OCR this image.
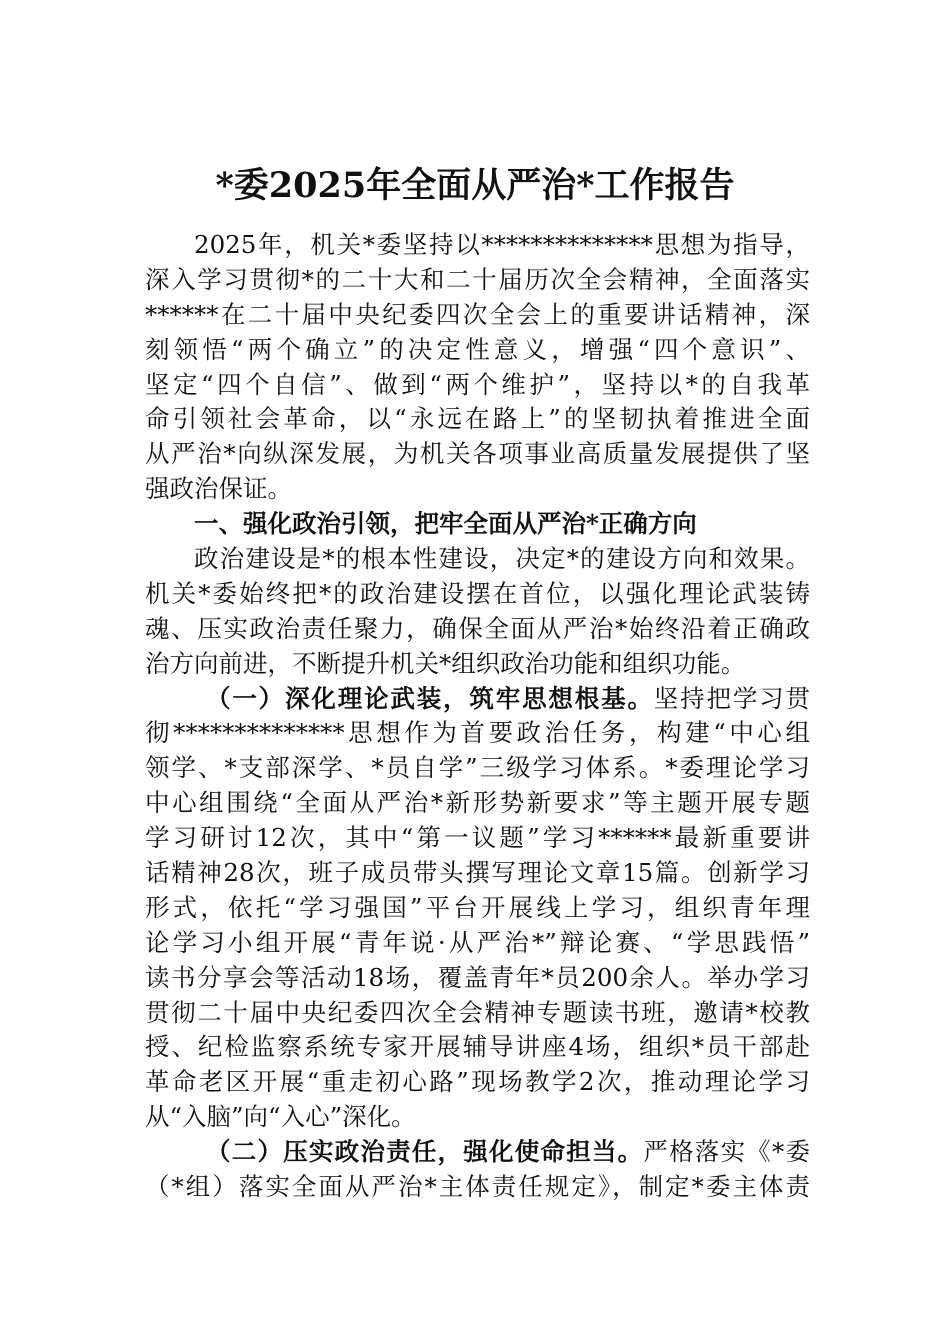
*委2025年全面从严治*工作报告
2025年，机关*委坚持以**************思想为指导，
深入学习贯彻*的二十大和二十届历次全会精神，全面落实
******在二十届中央纪委四次全会上的重要讲话精神，深
刻领悟“两个确立”的决定性意义，增强“四个意识”、
坚定“四个自信”、做到“两个维护”，坚持以*的自我革
命引领社会革命，以“永远在路上”的坚韧执着推进全面
从严治*向纵深发展，为机关各项事业高质量发展提供了坚
强政治保证。
一、强化政治引领，把牢全面从严治*正确方向
政治建设是*的根本性建设，决定*的建设方向和效果。
机关*委始终把*的政治建设摆在首位，以强化理论武装铸
魂、压实政治责任聚力，确保全面从严治*始终沿着正确政
治方向前进，不断提升机关*组织政治功能和组织功能。
（一）深化理论武装，筑牢思想根基。坚持把学习贯
彻**************思想作为首要政治任务，构建“中心组
领学、*支部深学、*员自学”三级学习体系。*委理论学习
中心组围绕“全面从严治*新形势新要求”等主题开展专题
学习研讨12次，其中“第一议题”学习******最新重要讲
话精神28次，班子成员带头撰写理论文章15篇。创新学习
形式，依托“学习强国”平台开展线上学习，组织青年理
论学习小组开展“青年说·从严治*”辩论赛、“学思践悟”
读书分享会等活动18场，覆盖青年*员200余人。举办学习
贯彻二十届中央纪委四次全会精神专题读书班，邀请*校教
授、纪检监察系统专家开展辅导讲座4场，组织*员干部赴
革命老区开展“重走初心路”现场教学2次，推动理论学习
从“入脑”向“入心”深化。
（二）压实政治责任，强化使命担当。严格落实《*委
（*组）落实全面从严治*主体责任规定》，制定*委主体责
